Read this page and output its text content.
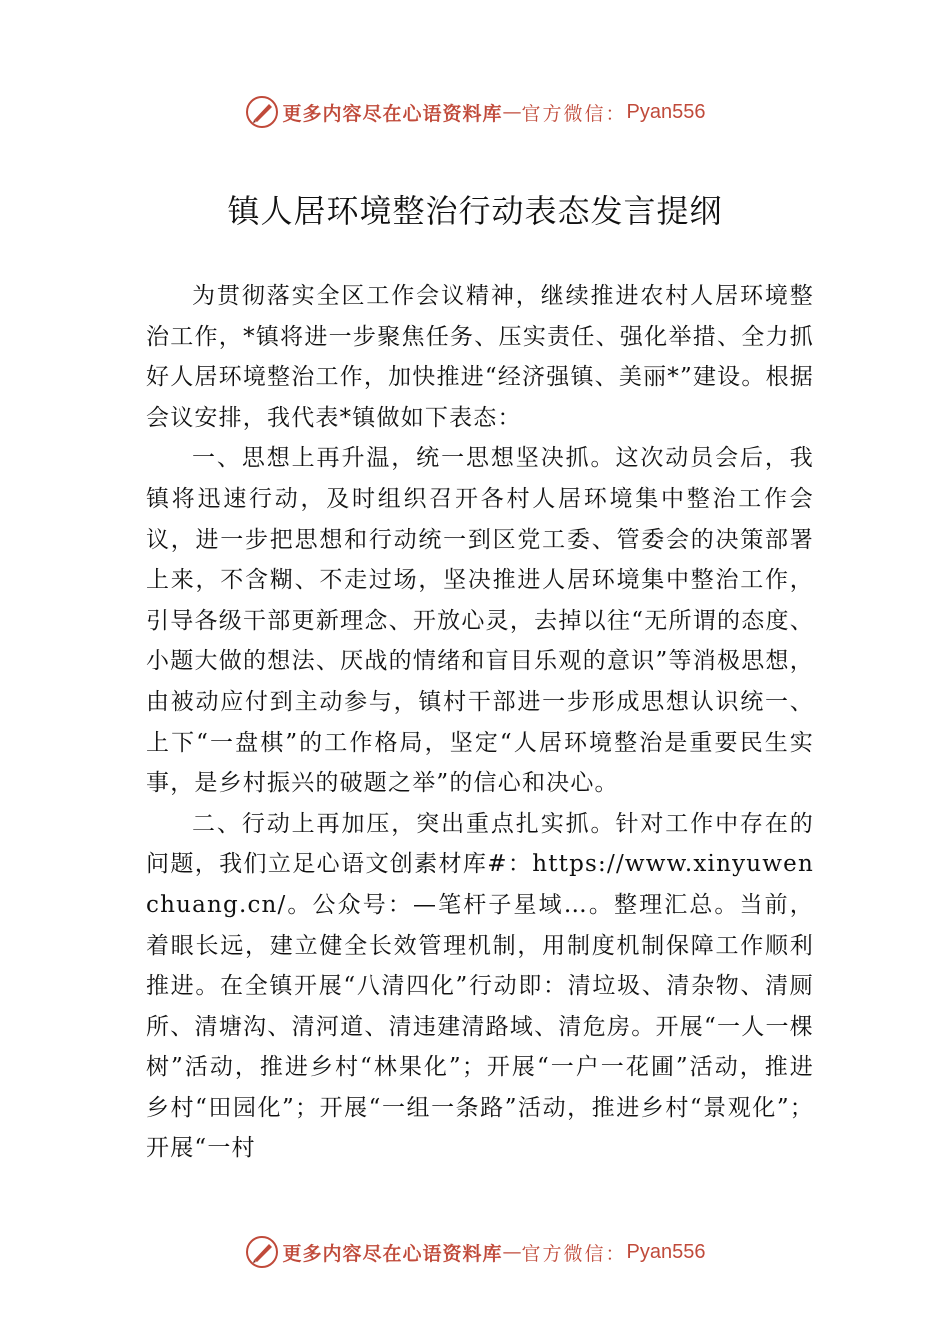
更多内容尽在心语资料库 — 官方微信： Pyan556
镇人居环境整治行动表态发言提纲

为贯彻落实全区工作会议精神，继续推进农村人居环境整治工作，*镇将进一步聚焦任务、压实责任、强化举措、全力抓好人居环境整治工作，加快推进“经济强镇、美丽*”建设。根据会议安排，我代表*镇做如下表态：

一、思想上再升温，统一思想坚决抓。这次动员会后，我镇将迅速行动，及时组织召开各村人居环境集中整治工作会议，进一步把思想和行动统一到区党工委、管委会的决策部署上来，不含糊、不走过场，坚决推进人居环境集中整治工作，引导各级干部更新理念、开放心灵，去掉以往“无所谓的态度、小题大做的想法、厌战的情绪和盲目乐观的意识”等消极思想，由被动应付到主动参与，镇村干部进一步形成思想认识统一、上下“一盘棋”的工作格局，坚定“人居环境整治是重要民生实事，是乡村振兴的破题之举”的信心和决心。

二、行动上再加压，突出重点扎实抓。针对工作中存在的问题，我们立足心语文创素材库#：https://www.xinyuwenchuang.cn/。公众号：—笔杆子星域…。整理汇总。当前，着眼长远，建立健全长效管理机制，用制度机制保障工作顺利推进。在全镇开展“八清四化”行动即：清垃圾、清杂物、清厕所、清塘沟、清河道、清违建清路域、清危房。开展“一人一棵树”活动，推进乡村“林果化”；开展“一户一花圃”活动，推进乡村“田园化”；开展“一组一条路”活动，推进乡村“景观化”；开展“一村

更多内容尽在心语资料库 — 官方微信： Pyan556
